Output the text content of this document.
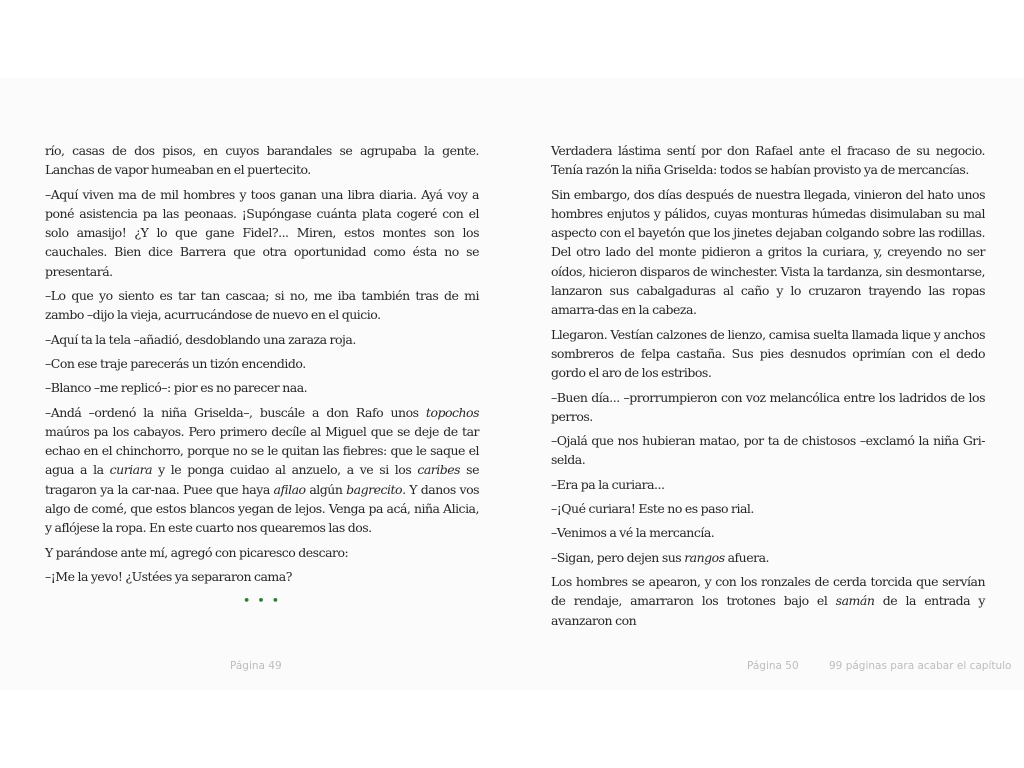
río, casas de dos pisos, en cuyos barandales se agrupaba la gente. Lanchas de vapor humeaban en el puertecito.

–Aquí viven ma de mil hombres y toos ganan una libra diaria. Ayá voy a poné asistencia pa las peonaas. ¡Supóngase cuánta plata cogeré con el solo amasijo! ¿Y lo que gane Fidel?... Miren, estos montes son los cauchales. Bien dice Barrera que otra oportunidad como ésta no se presentará.

–Lo que yo siento es tar tan cascaa; si no, me iba también tras de mi zambo –dijo la vieja, acurrucándose de nuevo en el quicio.

–Aquí ta la tela –añadió, desdoblando una zaraza roja.

–Con ese traje parecerás un tizón encendido.

–Blanco –me replicó–: pior es no parecer naa.

–Andá –ordenó la niña Griselda–, buscále a don Rafo unos topochos maúros pa los cabayos. Pero primero decíle al Miguel que se deje de tar echao en el chinchorro, porque no se le quitan las fiebres: que le saque el agua a la curiara y le ponga cuidao al anzuelo, a ve si los caribes se tragaron ya la car-naa. Puee que haya afilao algún bagrecito. Y danos vos algo de comé, que estos blancos yegan de lejos. Venga pa acá, niña Alicia, y aflójese la ropa. En este cuarto nos quearemos las dos.

Y parándose ante mí, agregó con picaresco descaro:

–¡Me la yevo! ¿Ustées ya separaron cama?

• • •

Verdadera lástima sentí por don Rafael ante el fracaso de su negocio. Tenía razón la niña Griselda: todos se habían provisto ya de mercancías.

Sin embargo, dos días después de nuestra llegada, vinieron del hato unos hombres enjutos y pálidos, cuyas monturas húmedas disimulaban su mal aspecto con el bayetón que los jinetes dejaban colgando sobre las rodillas. Del otro lado del monte pidieron a gritos la curiara, y, creyendo no ser oídos, hicieron disparos de winchester. Vista la tardanza, sin desmontarse, lanzaron sus cabalgaduras al caño y lo cruzaron trayendo las ropas amarra-das en la cabeza.

Llegaron. Vestían calzones de lienzo, camisa suelta llamada lique y anchos sombreros de felpa castaña. Sus pies desnudos oprimían con el dedo gordo el aro de los estribos.

–Buen día... –prorrumpieron con voz melancólica entre los ladridos de los perros.

–Ojalá que nos hubieran matao, por ta de chistosos –exclamó la niña Gri-selda.

–Era pa la curiara...

–¡Qué curiara! Este no es paso rial.

–Venimos a vé la mercancía.

–Sigan, pero dejen sus rangos afuera.

Los hombres se apearon, y con los ronzales de cerda torcida que servían de rendaje, amarraron los trotones bajo el samán de la entrada y avanzaron con

Página 49	Página 50	99 páginas para acabar el capítulo
